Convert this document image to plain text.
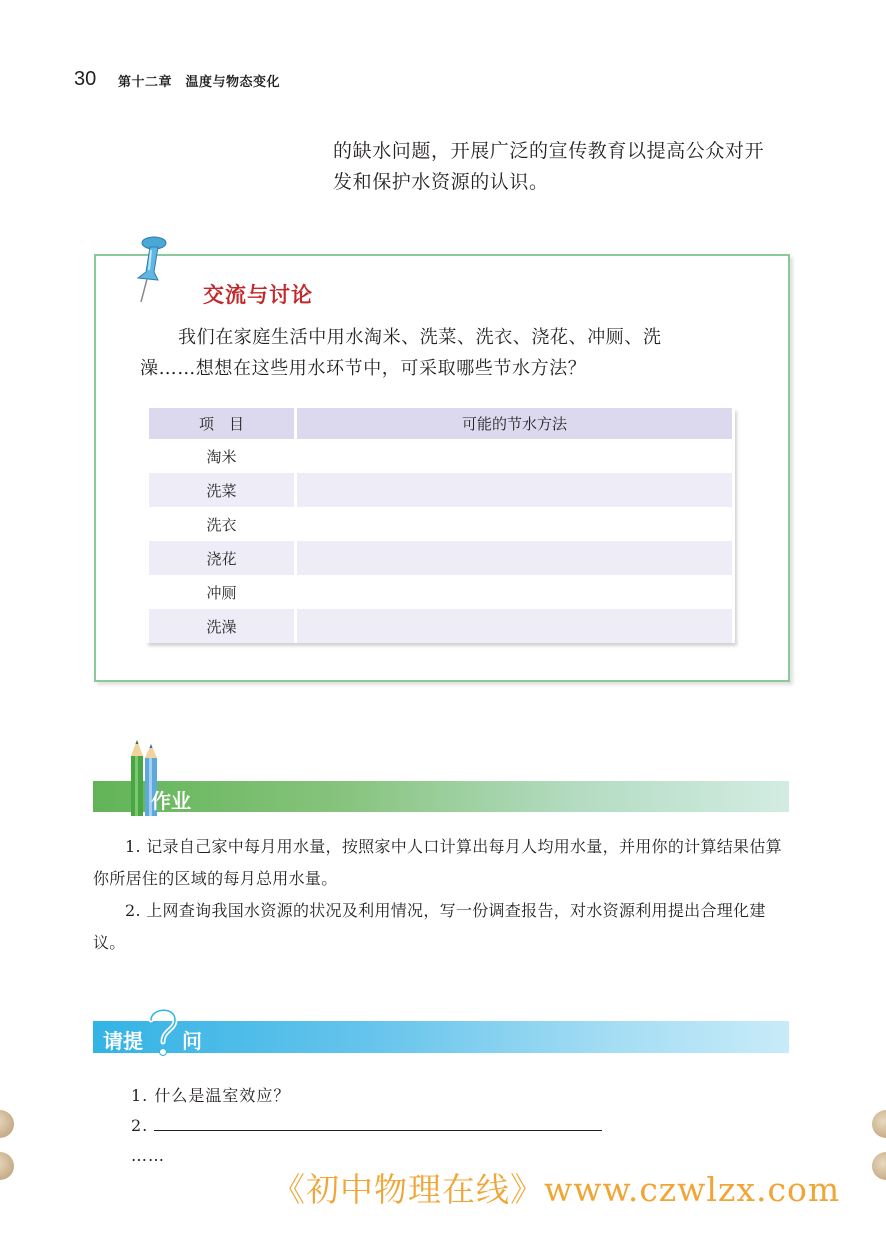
30 第十二章　温度与物态变化
的缺水问题，开展广泛的宣传教育以提高公众对开
发和保护水资源的认识。
交流与讨论
我们在家庭生活中用水淘米、洗菜、洗衣、浇花、冲厕、洗
澡……想想在这些用水环节中，可采取哪些节水方法？
项　目	可能的节水方法
淘米	
洗菜	
洗衣	
浇花	
冲厕	
洗澡	
作业

1. 记录自己家中每月用水量，按照家中人口计算出每月人均用水量，并用你的计算结果估算你所居住的区域的每月总用水量。

2. 上网查询我国水资源的状况及利用情况，写一份调查报告，对水资源利用提出合理化建议。

请提 问
1. 什么是温室效应？
2.
……
《初中物理在线》www.czwlzx.com
